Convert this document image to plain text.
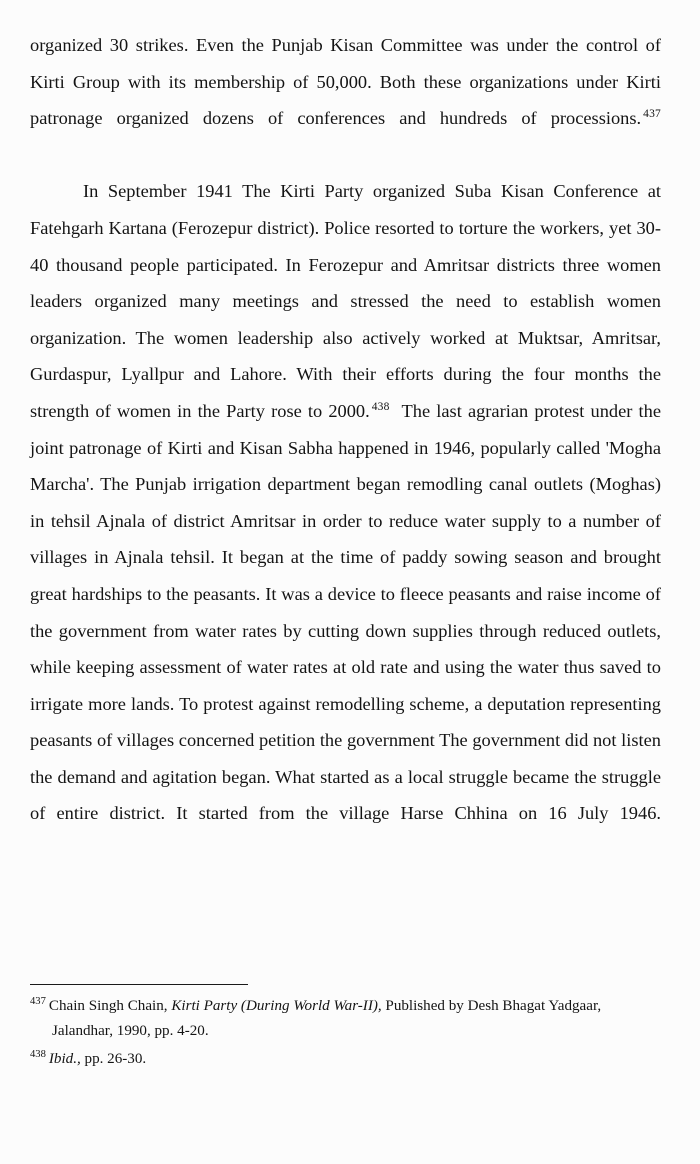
organized 30 strikes. Even the Punjab Kisan Committee was under the control of Kirti Group with its membership of 50,000. Both these organizations under Kirti patronage organized dozens of conferences and hundreds of processions. $^{437}$

In September 1941 The Kirti Party organized Suba Kisan Conference at Fatehgarh Kartana (Ferozepur district). Police resorted to torture the workers, yet 30-40 thousand people participated. In Ferozepur and Amritsar districts three women leaders organized many meetings and stressed the need to establish women organization. The women leadership also actively worked at Muktsar, Amritsar, Gurdaspur, Lyallpur and Lahore. With their efforts during the four months the strength of women in the Party rose to 2000. $^{438}$ The last agrarian protest under the joint patronage of Kirti and Kisan Sabha happened in 1946, popularly called 'Mogha Marcha'. The Punjab irrigation department began remodling canal outlets (Moghas) in tehsil Ajnala of district Amritsar in order to reduce water supply to a number of villages in Ajnala tehsil. It began at the time of paddy sowing season and brought great hardships to the peasants. It was a device to fleece peasants and raise income of the government from water rates by cutting down supplies through reduced outlets, while keeping assessment of water rates at old rate and using the water thus saved to irrigate more lands. To protest against remodelling scheme, a deputation representing peasants of villages concerned petition the government The government did not listen the demand and agitation began. What started as a local struggle became the struggle of entire district. It started from the village Harse Chhina on 16 July 1946.

$^{437}$ Chain Singh Chain, Kirti Party (During World War-II), Published by Desh Bhagat Yadgaar, Jalandhar, 1990, pp. 4-20.

$^{438}$ Ibid., pp. 26-30.
